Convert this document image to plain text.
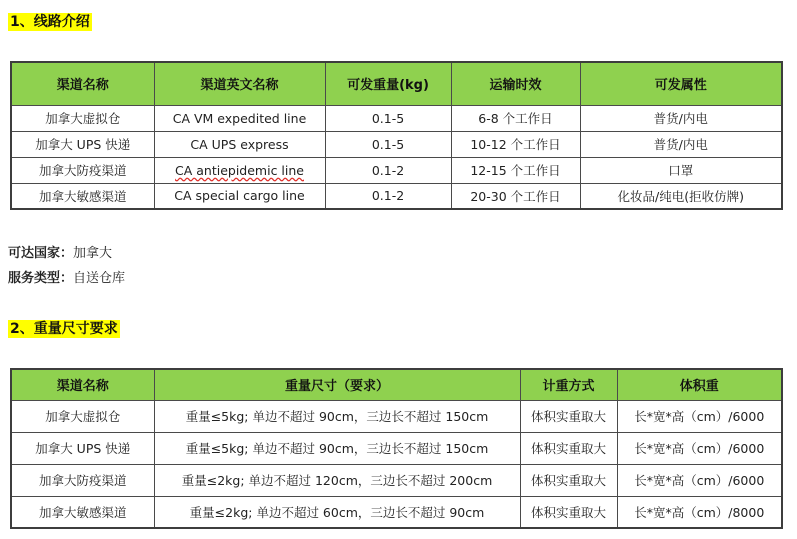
1、线路介绍
渠道名称	渠道英文名称	可发重量(kg)	运输时效	可发属性
加拿大虚拟仓	CA VM expedited line	0.1-5	6-8 个工作日	普货/内电
加拿大 UPS 快递	CA UPS express	0.1-5	10-12 个工作日	普货/内电
加拿大防疫渠道	CA antiepidemic line	0.1-2	12-15 个工作日	口罩
加拿大敏感渠道	CA special cargo line	0.1-2	20-30 个工作日	化妆品/纯电(拒收仿牌)
可达国家：加拿大
服务类型：自送仓库
2、重量尺寸要求
渠道名称	重量尺寸（要求）	计重方式	体积重
加拿大虚拟仓	重量≤5kg; 单边不超过 90cm，三边长不超过 150cm	体积实重取大	长*宽*高（cm）/6000
加拿大 UPS 快递	重量≤5kg; 单边不超过 90cm，三边长不超过 150cm	体积实重取大	长*宽*高（cm）/6000
加拿大防疫渠道	重量≤2kg; 单边不超过 120cm，三边长不超过 200cm	体积实重取大	长*宽*高（cm）/6000
加拿大敏感渠道	重量≤2kg; 单边不超过 60cm，三边长不超过 90cm	体积实重取大	长*宽*高（cm）/8000
